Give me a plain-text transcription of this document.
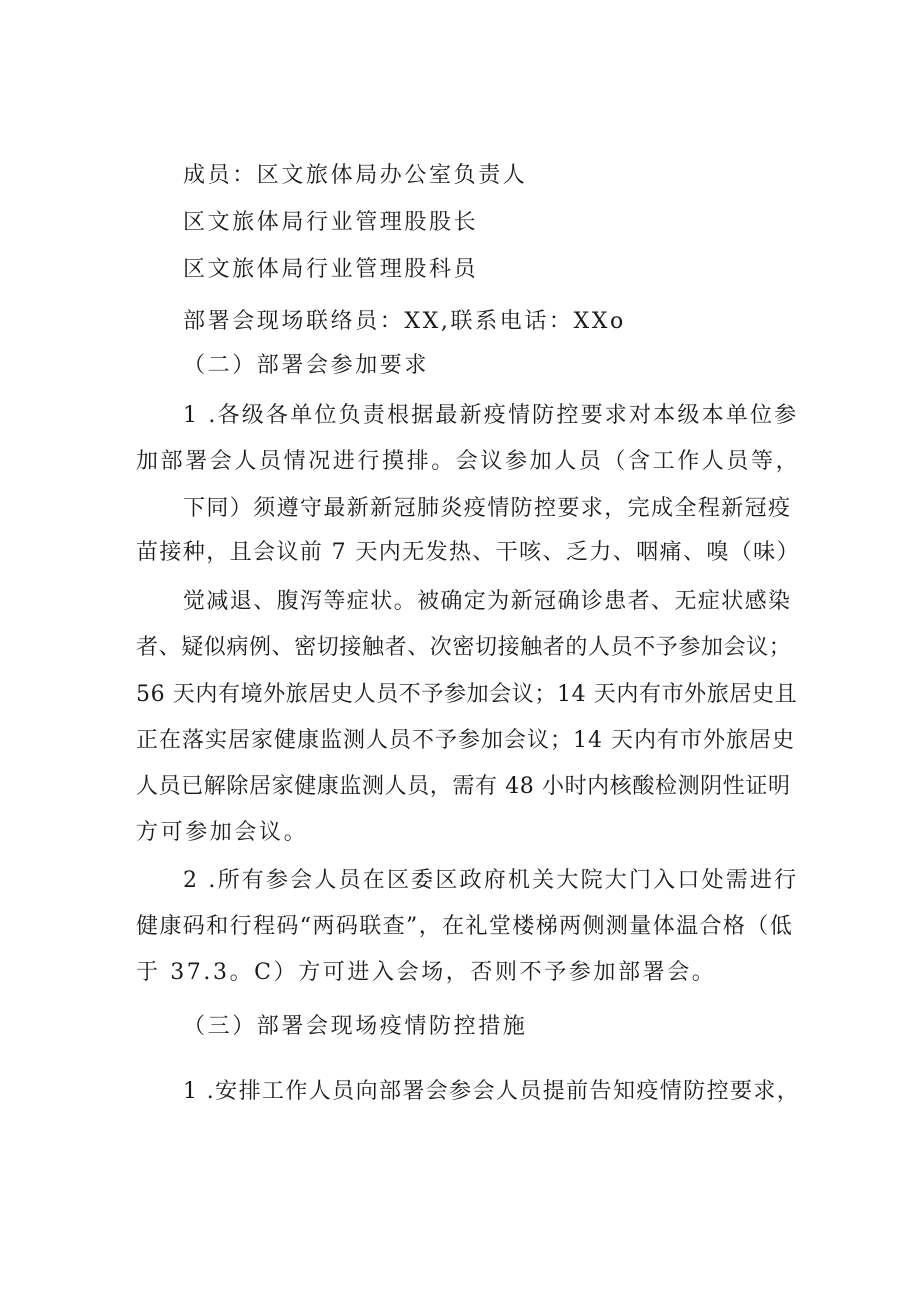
成员：区文旅体局办公室负责人
区文旅体局行业管理股股长
区文旅体局行业管理股科员
部署会现场联络员：XX,联系电话：XXo
（二）部署会参加要求
1 .各级各单位负责根据最新疫情防控要求对本级本单位参
加部署会人员情况进行摸排。会议参加人员（含工作人员等，
下同）须遵守最新新冠肺炎疫情防控要求，完成全程新冠疫
苗接种，且会议前 7 天内无发热、干咳、乏力、咽痛、嗅（味）
觉减退、腹泻等症状。被确定为新冠确诊患者、无症状感染
者、疑似病例、密切接触者、次密切接触者的人员不予参加会议；
56 天内有境外旅居史人员不予参加会议；14 天内有市外旅居史且
正在落实居家健康监测人员不予参加会议；14 天内有市外旅居史
人员已解除居家健康监测人员，需有 48 小时内核酸检测阴性证明
方可参加会议。
2 .所有参会人员在区委区政府机关大院大门入口处需进行
健康码和行程码“两码联查”，在礼堂楼梯两侧测量体温合格（低
于 37.3。C）方可进入会场，否则不予参加部署会。
（三）部署会现场疫情防控措施
1 .安排工作人员向部署会参会人员提前告知疫情防控要求，
